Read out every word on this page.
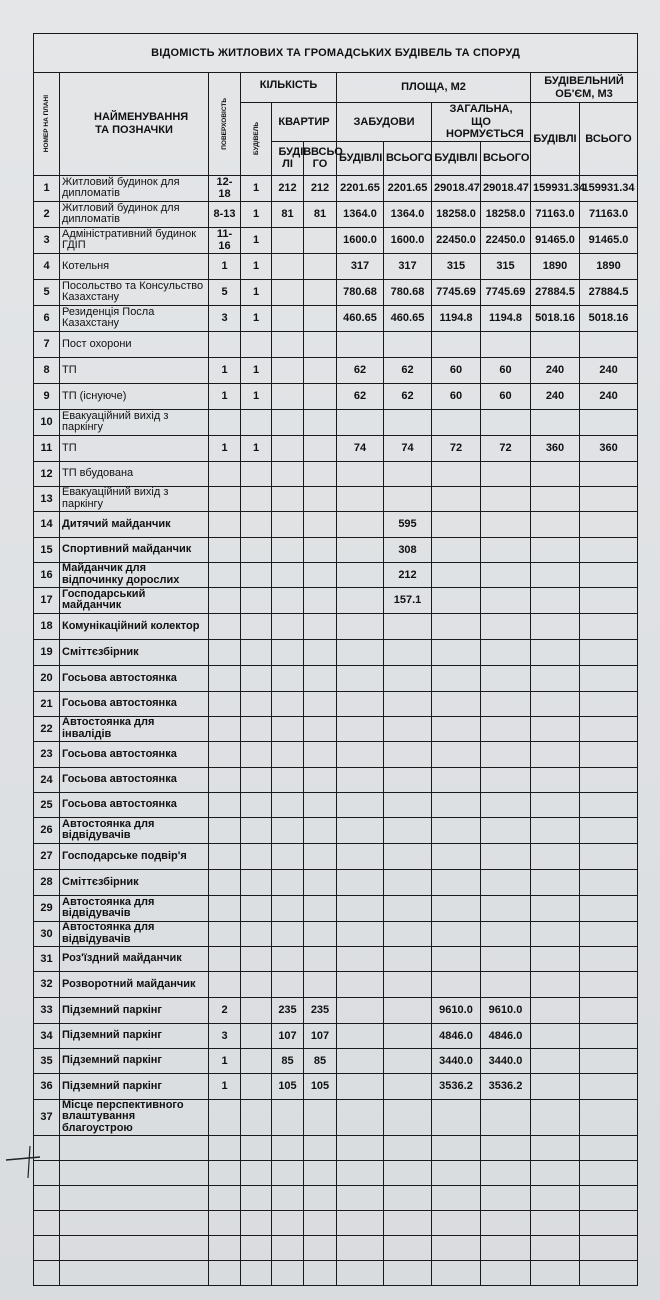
ВІДОМІСТЬ ЖИТЛОВИХ ТА ГРОМАДСЬКИХ БУДІВЕЛЬ ТА СПОРУД											

НОМЕР НА ПЛАНІ	НАЙМЕНУВАННЯ ТА ПОЗНАЧКИ	ПОВЕРХОВІСТЬ	КІЛЬКІСТЬ			ПЛОЩА, М2				БУДІВЕЛЬНИЙ ОБ'ЄМ, М3	

			БУДІВЕЛЬ	КВАРТИР		ЗАБУДОВИ		ЗАГАЛЬНА, ЩО НОРМУЄТЬСЯ		БУДІВЛІ	ВСЬОГО

				БУДІВ ЛІ	ВСЬО ГО	БУДІВЛІ	ВСЬОГО	БУДІВЛІ	ВСЬОГО		
1	Житловий будинок для дипломатів	12-18	1	212	212	2201.65	2201.65	29018.47	29018.47	159931.34	159931.34
2	Житловий будинок для дипломатів	8-13	1	81	81	1364.0	1364.0	18258.0	18258.0	71163.0	71163.0
3	Адміністративний будинок ГДІП	11-16	1			1600.0	1600.0	22450.0	22450.0	91465.0	91465.0
4	Котельня	1	1			317	317	315	315	1890	1890
5	Посольство та Консульство Казахстану	5	1			780.68	780.68	7745.69	7745.69	27884.5	27884.5
6	Резиденція Посла Казахстану	3	1			460.65	460.65	1194.8	1194.8	5018.16	5018.16
7	Пост охорони										
8	ТП	1	1			62	62	60	60	240	240
9	ТП (існуюче)	1	1			62	62	60	60	240	240
10	Евакуаційний вихід з паркінгу										
11	ТП	1	1			74	74	72	72	360	360
12	ТП вбудована										
13	Евакуаційний вихід з паркінгу										
14	Дитячий майданчик						595				
15	Спортивний майданчик						308				
16	Майданчик для відпочинку дорослих						212				
17	Господарський майданчик						157.1				
18	Комунікаційний колектор										
19	Сміттєзбірник										
20	Госьова автостоянка										
21	Госьова автостоянка										
22	Автостоянка для інвалідів										
23	Госьова автостоянка										
24	Госьова автостоянка										
25	Госьова автостоянка										
26	Автостоянка для відвідувачів										
27	Господарське подвір'я										
28	Сміттєзбірник										
29	Автостоянка для відвідувачів										
30	Автостоянка для відвідувачів										
31	Роз'їздний майданчик										
32	Розворотний майданчик										
33	Підземний паркінг	2		235	235			9610.0	9610.0		
34	Підземний паркінг	3		107	107			4846.0	4846.0		
35	Підземний паркінг	1		85	85			3440.0	3440.0		
36	Підземний паркінг	1		105	105			3536.2	3536.2		
37	Місце перспективного влаштування благоустрою										
